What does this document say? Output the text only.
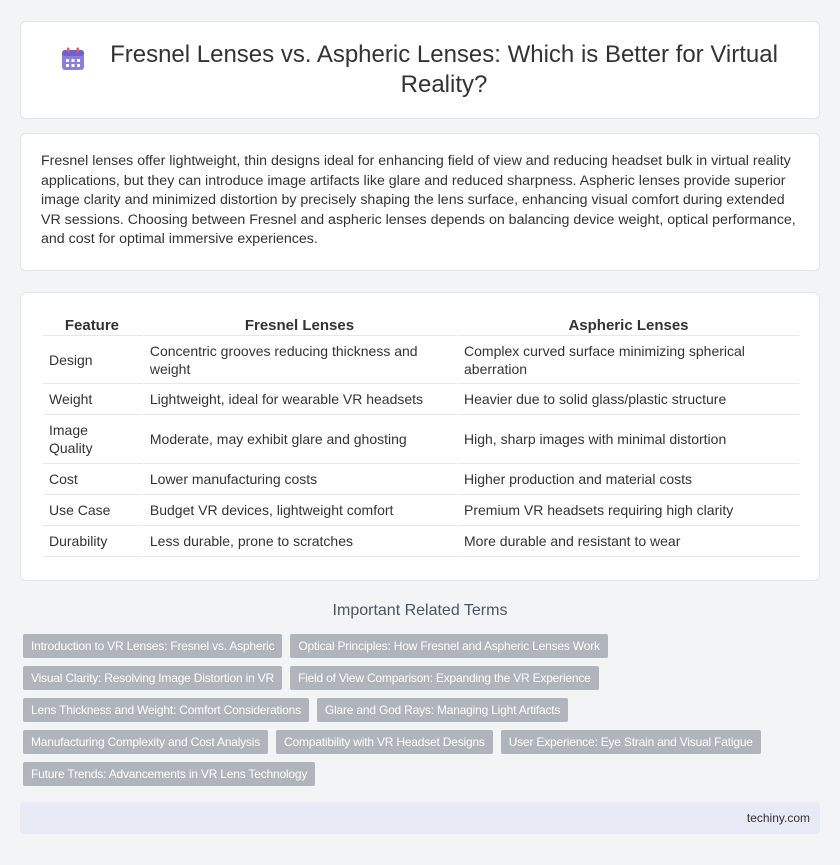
Fresnel Lenses vs. Aspheric Lenses: Which is Better for Virtual Reality?

Fresnel lenses offer lightweight, thin designs ideal for enhancing field of view and reducing headset bulk in virtual reality applications, but they can introduce image artifacts like glare and reduced sharpness. Aspheric lenses provide superior image clarity and minimized distortion by precisely shaping the lens surface, enhancing visual comfort during extended VR sessions. Choosing between Fresnel and aspheric lenses depends on balancing device weight, optical performance, and cost for optimal immersive experiences.

Feature	Fresnel Lenses	Aspheric Lenses
Design	Concentric grooves reducing thickness and weight	Complex curved surface minimizing spherical aberration
Weight	Lightweight, ideal for wearable VR headsets	Heavier due to solid glass/plastic structure
Image Quality	Moderate, may exhibit glare and ghosting	High, sharp images with minimal distortion
Cost	Lower manufacturing costs	Higher production and material costs
Use Case	Budget VR devices, lightweight comfort	Premium VR headsets requiring high clarity
Durability	Less durable, prone to scratches	More durable and resistant to wear
Important Related Terms
Introduction to VR Lenses: Fresnel vs. Aspheric	Optical Principles: How Fresnel and Aspheric Lenses Work
Visual Clarity: Resolving Image Distortion in VR	Field of View Comparison: Expanding the VR Experience
Lens Thickness and Weight: Comfort Considerations	Glare and God Rays: Managing Light Artifacts
Manufacturing Complexity and Cost Analysis	Compatibility with VR Headset Designs	User Experience: Eye Strain and Visual Fatigue
Future Trends: Advancements in VR Lens Technology
techiny.com
